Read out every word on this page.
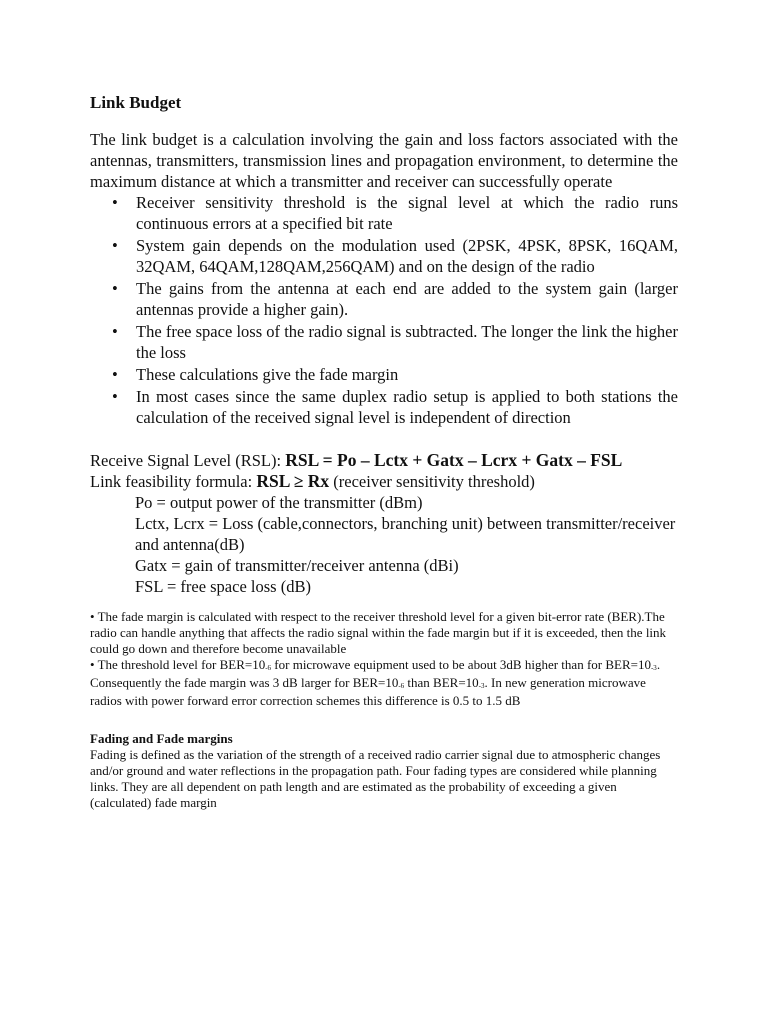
Link Budget

The link budget is a calculation involving the gain and loss factors associated with the antennas, transmitters, transmission lines and propagation environment, to determine the maximum distance at which a transmitter and receiver can successfully operate

• Receiver sensitivity threshold is the signal level at which the radio runs continuous errors at a specified bit rate
• System gain depends on the modulation used (2PSK, 4PSK, 8PSK, 16QAM, 32QAM, 64QAM,128QAM,256QAM) and on the design of the radio
• The gains from the antenna at each end are added to the system gain (larger antennas provide a higher gain).
• The free space loss of the radio signal is subtracted. The longer the link the higher the loss
• These calculations give the fade margin
• In most cases since the same duplex radio setup is applied to both stations the calculation of the received signal level is independent of direction
Receive Signal Level (RSL): RSL = Po – Lctx + Gatx – Lcrx + Gatx – FSL
Link feasibility formula: RSL ≥ Rx (receiver sensitivity threshold)
Po = output power of the transmitter (dBm)
Lctx, Lcrx = Loss (cable,connectors, branching unit) between transmitter/receiver and antenna(dB)
Gatx = gain of transmitter/receiver antenna (dBi)
FSL = free space loss (dB)

• The fade margin is calculated with respect to the receiver threshold level for a given bit-error rate (BER).The radio can handle anything that affects the radio signal within the fade margin but if it is exceeded, then the link could go down and therefore become unavailable

• The threshold level for $BER=10_{-6}$ for microwave equipment used to be about 3dB higher than for $BER=10_{-3}$. Consequently the fade margin was 3 dB larger for $BER=10_{-6}$ than $BER=10_{-3}$. In new generation microwave radios with power forward error correction schemes this difference is 0.5 to 1.5 dB

Fading and Fade margins

Fading is defined as the variation of the strength of a received radio carrier signal due to atmospheric changes and/or ground and water reflections in the propagation path. Four fading types are considered while planning links. They are all dependent on path length and are estimated as the probability of exceeding a given (calculated) fade margin
